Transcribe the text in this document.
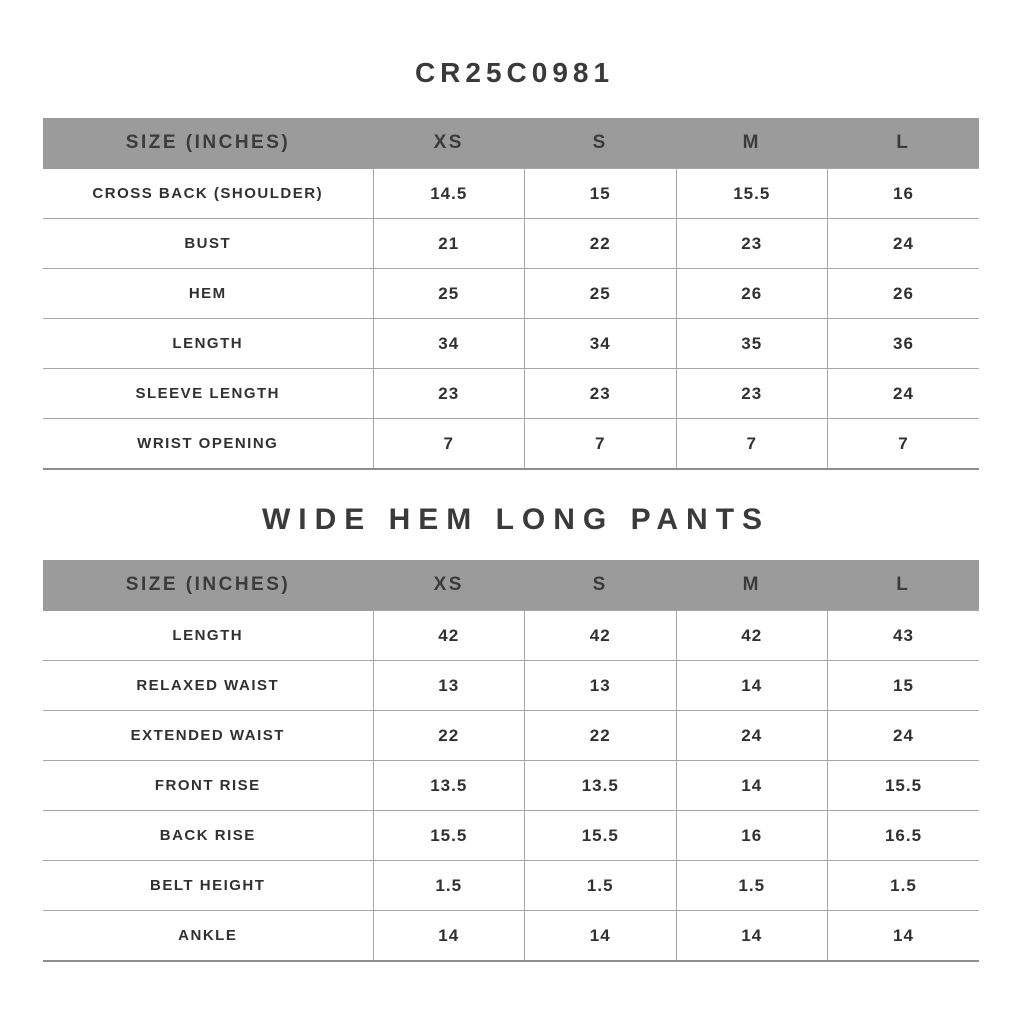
CR25C0981
SIZE (INCHES)	XS	S	M	L
CROSS BACK (SHOULDER)	14.5	15	15.5	16
BUST	21	22	23	24
HEM	25	25	26	26
LENGTH	34	34	35	36
SLEEVE LENGTH	23	23	23	24
WRIST OPENING	7	7	7	7
WIDE HEM LONG PANTS
SIZE (INCHES)	XS	S	M	L
LENGTH	42	42	42	43
RELAXED WAIST	13	13	14	15
EXTENDED WAIST	22	22	24	24
FRONT RISE	13.5	13.5	14	15.5
BACK RISE	15.5	15.5	16	16.5
BELT HEIGHT	1.5	1.5	1.5	1.5
ANKLE	14	14	14	14
